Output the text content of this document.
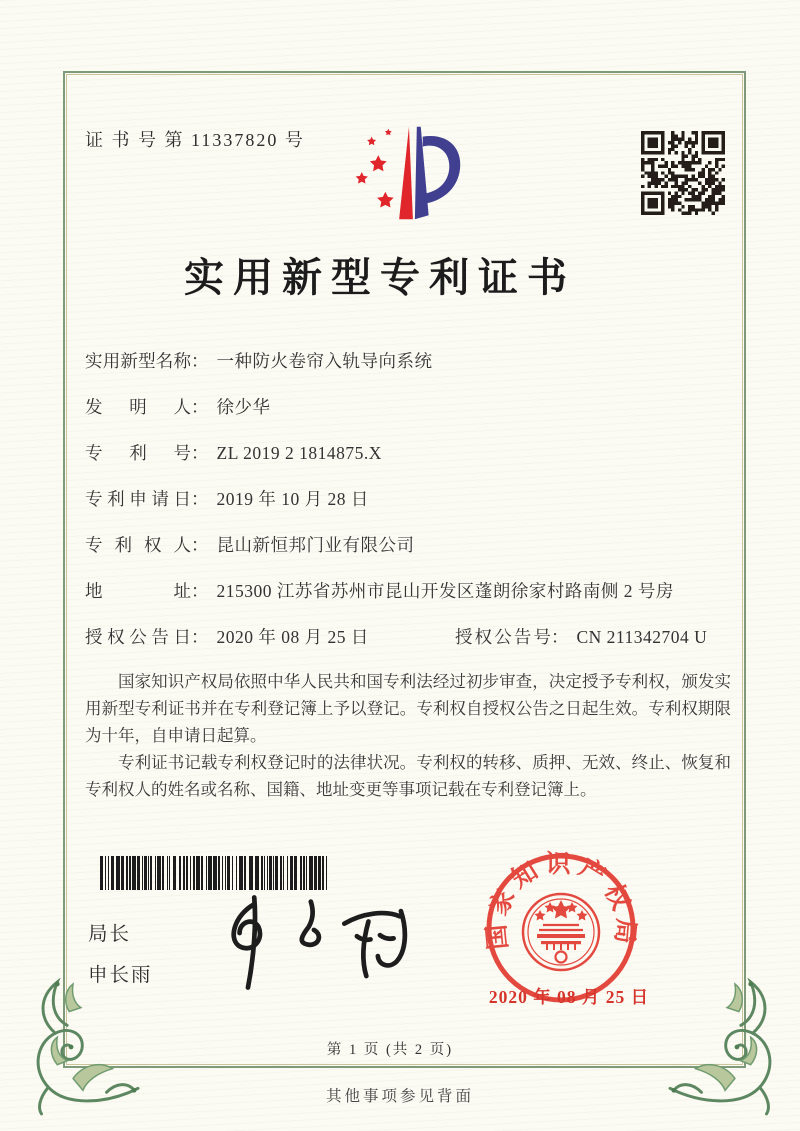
证 书 号 第 11337820 号
实用新型专利证书
实用新型名称： 一种防火卷帘入轨导向系统
发明人： 徐少华
专利号： ZL 2019 2 1814875.X
专利申请日： 2019 年 10 月 28 日
专利权人： 昆山新恒邦门业有限公司
地址： 215300 江苏省苏州市昆山开发区蓬朗徐家村路南侧 2 号房
授权公告日： 2020 年 08 月 25 日	授权公告号： CN 211342704 U

国家知识产权局依照中华人民共和国专利法经过初步审查，决定授予专利权，颁发实用新型专利证书并在专利登记簿上予以登记。专利权自授权公告之日起生效。专利权期限为十年，自申请日起算。

专利证书记载专利权登记时的法律状况。专利权的转移、质押、无效、终止、恢复和专利权人的姓名或名称、国籍、地址变更等事项记载在专利登记簿上。

局长
申长雨
国家知识产权局
2020 年 08 月 25 日
第 1 页 (共 2 页)
其他事项参见背面
